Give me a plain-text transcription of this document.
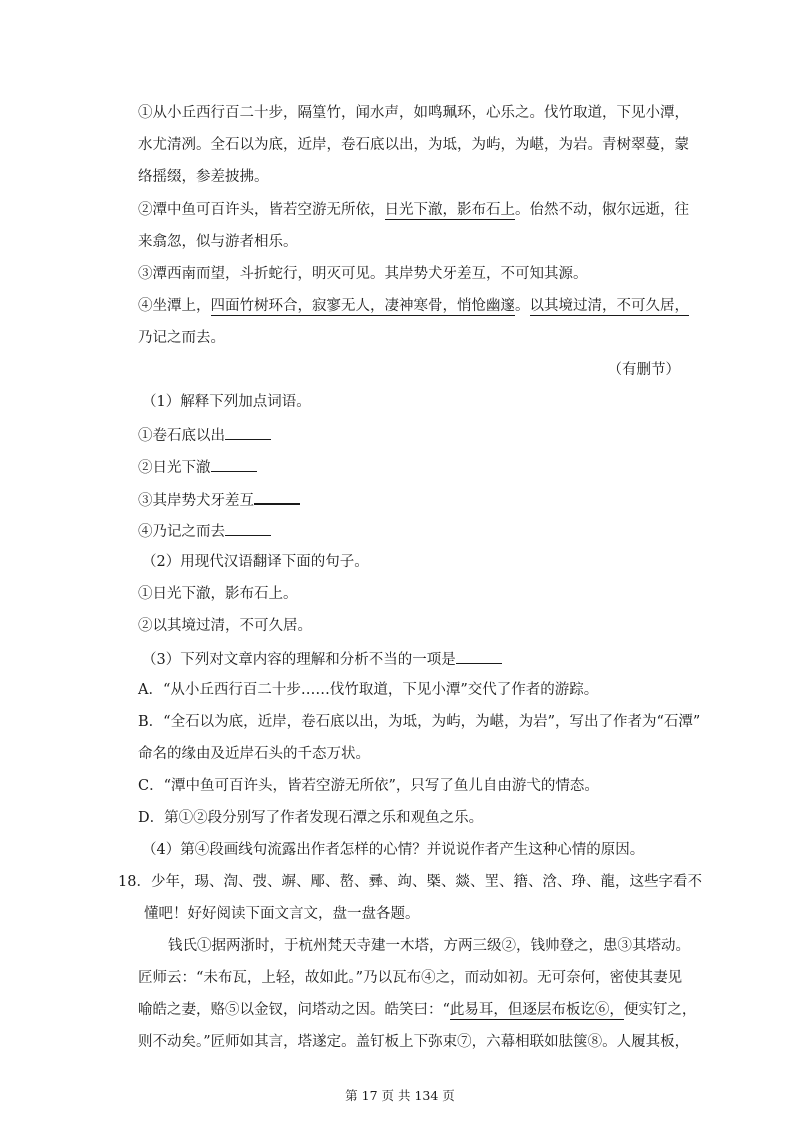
①从小丘西行百二十步，隔篁竹，闻水声，如鸣珮环，心乐之。伐竹取道，下见小潭，
水尤清冽。全石以为底，近岸，卷石底以出，为坻，为屿，为嵁，为岩。青树翠蔓，蒙
络摇缀，参差披拂。
②潭中鱼可百许头，皆若空游无所依，日光下澈，影布石上。佁然不动，俶尔远逝，往
来翕忽，似与游者相乐。
③潭西南而望，斗折蛇行，明灭可见。其岸势犬牙差互，不可知其源。
④坐潭上，四面竹树环合，寂寥无人，凄神寒骨，悄怆幽邃。以其境过清，不可久居，
乃记之而去。
（有删节）
（1）解释下列加点词语。
①卷石底以出
②日光下澈
③其岸势犬牙差互
④乃记之而去
（2）用现代汉语翻译下面的句子。
①日光下澈，影布石上。
②以其境过清，不可久居。
（3）下列对文章内容的理解和分析不当的一项是
A．“从小丘西行百二十步……伐竹取道，下见小潭”交代了作者的游踪。
B．“全石以为底，近岸，卷石底以出，为坻，为屿，为嵁，为岩”，写出了作者为“石潭”
命名的缘由及近岸石头的千态万状。
C．“潭中鱼可百许头，皆若空游无所依”，只写了鱼儿自由游弋的情态。
D．第①②段分别写了作者发现石潭之乐和观鱼之乐。
（4）第④段画线句流露出作者怎样的心情？并说说作者产生这种心情的原因。
18．少年，㻛、渹、弢、竮、郮、嶅、彞、竘、㮣、燚、罜、簎、浛、琤、龍，这些字看不
懂吧！好好阅读下面文言文，盘一盘各题。
钱氏①据两浙时，于杭州梵天寺建一木塔，方两三级②，钱帅登之，患③其塔动。
匠师云：“未布瓦，上轻，故如此。”乃以瓦布④之，而动如初。无可奈何，密使其妻见
喻皓之妻，赂⑤以金钗，问塔动之因。皓笑曰：“此易耳，但逐层布板讫⑥，便实钉之，
则不动矣。”匠师如其言，塔遂定。盖钉板上下弥束⑦，六幕相联如胠箧⑧。人履其板，
第 17 页 共 134 页
